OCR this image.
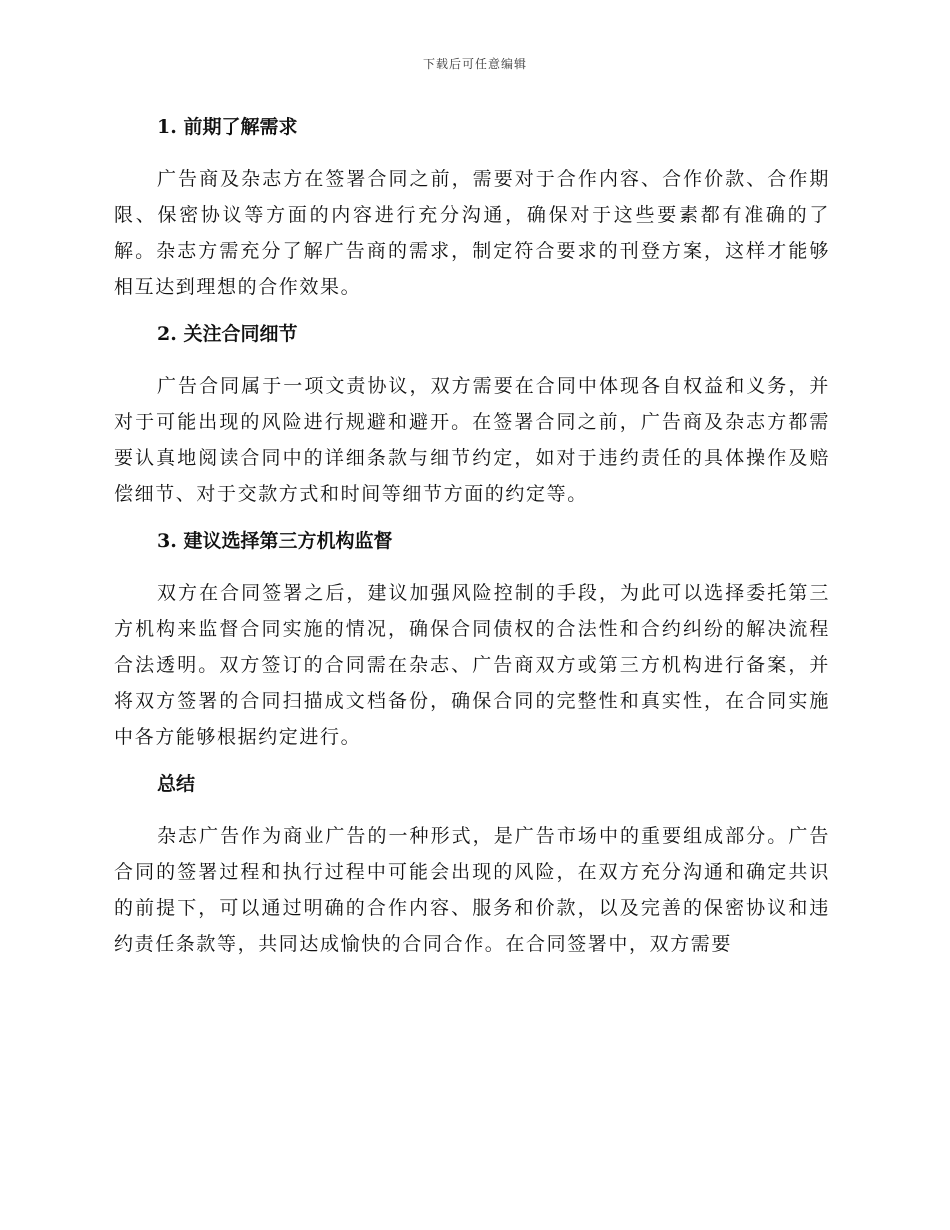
下载后可任意编辑
1. 前期了解需求

广告商及杂志方在签署合同之前，需要对于合作内容、合作价款、合作期限、保密协议等方面的内容进行充分沟通，确保对于这些要素都有准确的了解。杂志方需充分了解广告商的需求，制定符合要求的刊登方案，这样才能够相互达到理想的合作效果。

2. 关注合同细节

广告合同属于一项文责协议，双方需要在合同中体现各自权益和义务，并对于可能出现的风险进行规避和避开。在签署合同之前，广告商及杂志方都需要认真地阅读合同中的详细条款与细节约定，如对于违约责任的具体操作及赔偿细节、对于交款方式和时间等细节方面的约定等。

3. 建议选择第三方机构监督

双方在合同签署之后，建议加强风险控制的手段，为此可以选择委托第三方机构来监督合同实施的情况，确保合同债权的合法性和合约纠纷的解决流程合法透明。双方签订的合同需在杂志、广告商双方或第三方机构进行备案，并将双方签署的合同扫描成文档备份，确保合同的完整性和真实性，在合同实施中各方能够根据约定进行。

总结

杂志广告作为商业广告的一种形式，是广告市场中的重要组成部分。广告合同的签署过程和执行过程中可能会出现的风险，在双方充分沟通和确定共识的前提下，可以通过明确的合作内容、服务和价款，以及完善的保密协议和违约责任条款等，共同达成愉快的合同合作。在合同签署中，双方需要
